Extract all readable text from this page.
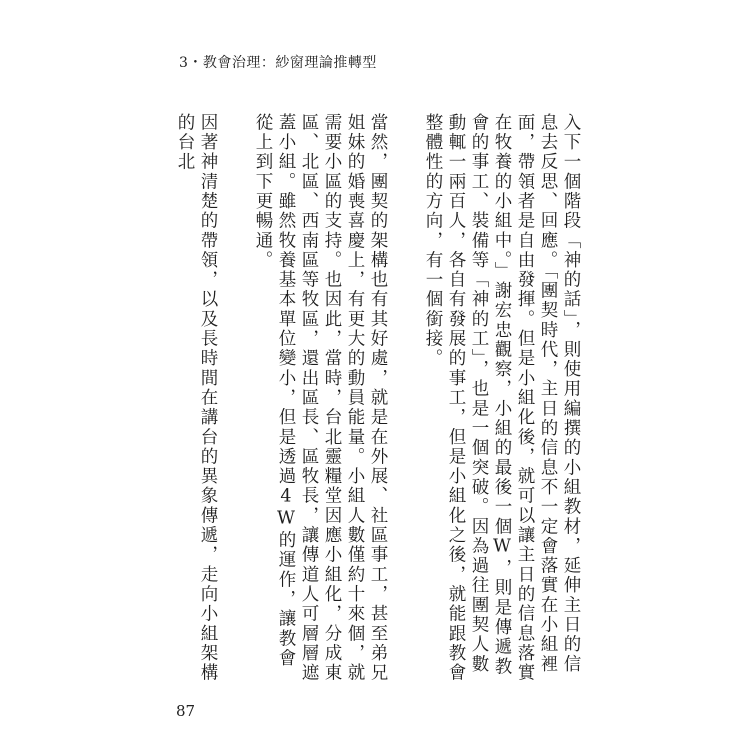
3・教會治理：紗窗理論推轉型

入下一個階段「神的話」，則使用編撰的小組教材，延伸主日的信息去反思、回應。「團契時代，主日的信息不一定會落實在小組裡面，帶領者是自由發揮。但是小組化後，就可以讓主日的信息落實在牧養的小組中。」謝宏忠觀察，小組的最後一個W，則是傳遞教會的事工、裝備等「神的工」，也是一個突破。因為過往團契人數動輒一兩百人，各自有發展的事工，但是小組化之後，就能跟教會整體性的方向，有一個銜接。

當然，團契的架構也有其好處，就是在外展、社區事工，甚至弟兄姐妹的婚喪喜慶上，有更大的動員能量。小組人數僅約十來個，就需要小區的支持。也因此，當時，台北靈糧堂因應小組化，分成東區、北區、西南區等牧區，還出區長、區牧長，讓傳道人可層層遮蓋小組。雖然牧養基本單位變小，但是透過4W的運作，讓教會從上到下更暢通。

因著神清楚的帶領，以及長時間在講台的異象傳遞，走向小組架構的台北

87
